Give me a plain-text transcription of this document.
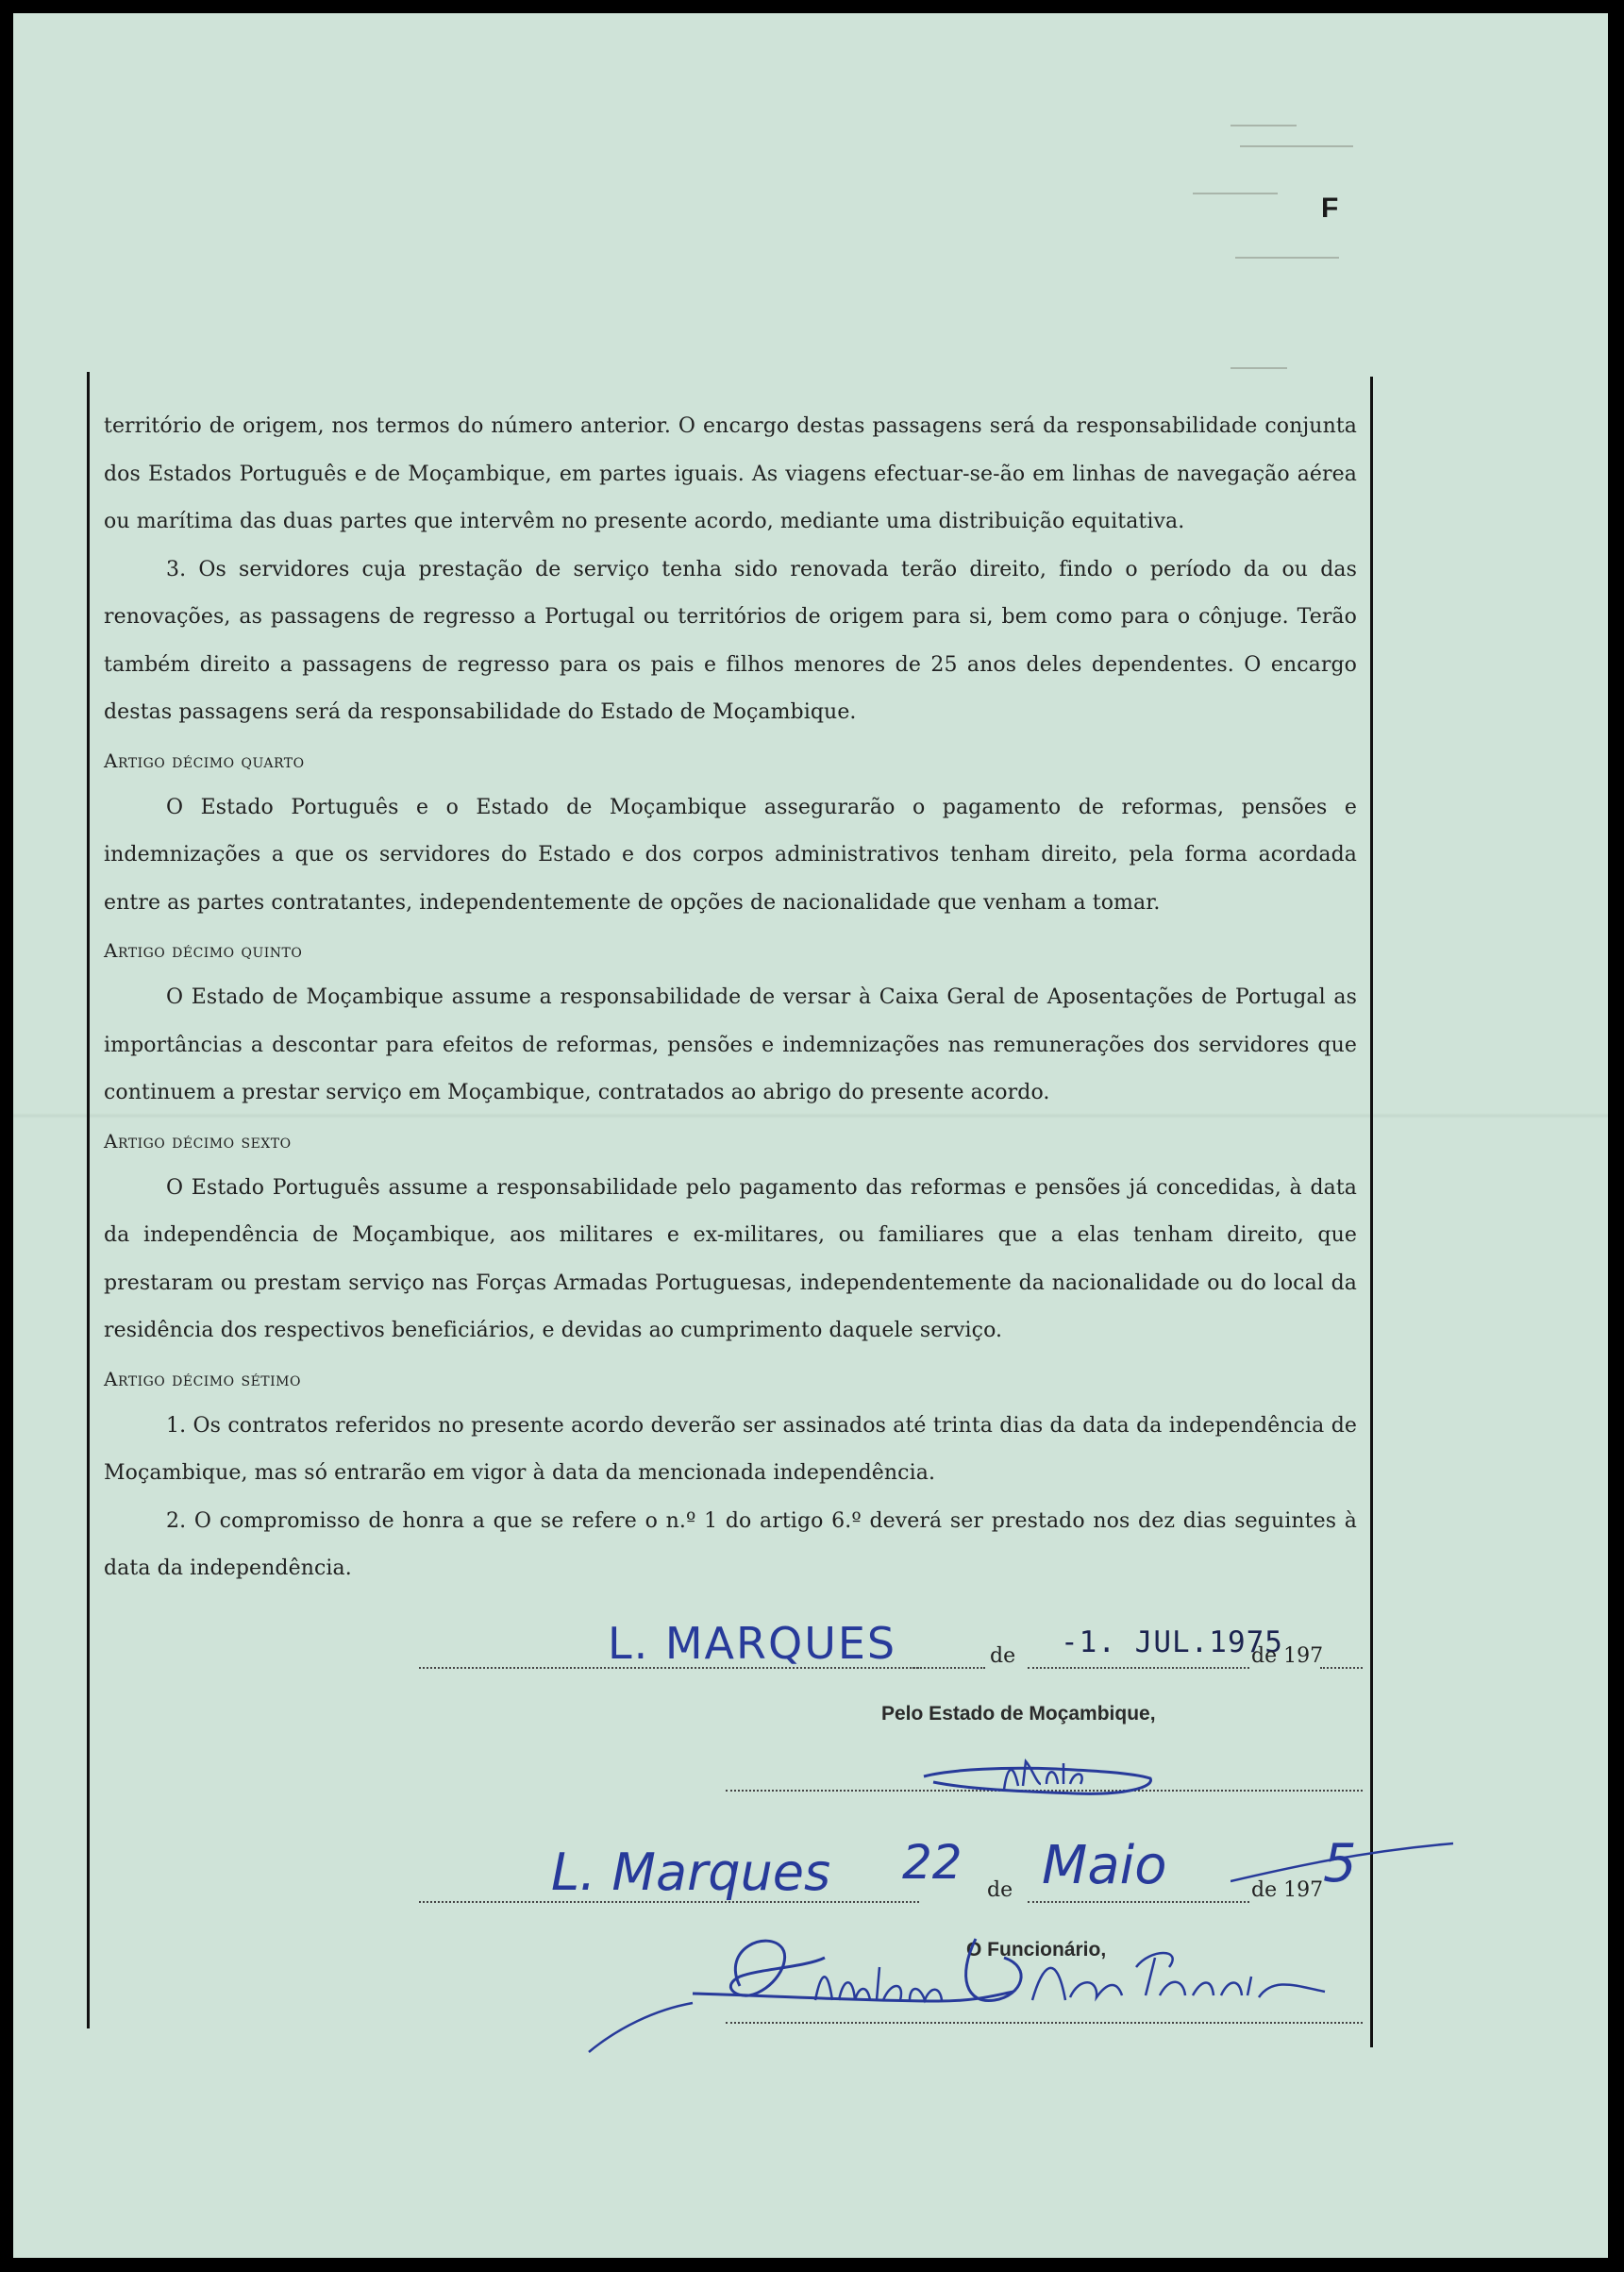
F

território de origem, nos termos do número anterior. O encargo destas passagens será da responsabilidade conjunta dos Estados Português e de Moçambique, em partes iguais. As viagens efectuar-se-ão em linhas de navegação aérea ou marítima das duas partes que intervêm no presente acordo, mediante uma distribuição equitativa.

3. Os servidores cuja prestação de serviço tenha sido renovada terão direito, findo o período da ou das renovações, as passagens de regresso a Portugal ou territórios de origem para si, bem como para o cônjuge. Terão também direito a passagens de regresso para os pais e filhos menores de 25 anos deles dependentes. O encargo destas passagens será da responsabilidade do Estado de Moçambique.

Artigo décimo quarto

O Estado Português e o Estado de Moçambique assegurarão o pagamento de reformas, pensões e indemnizações a que os servidores do Estado e dos corpos administrativos tenham direito, pela forma acordada entre as partes contratantes, independentemente de opções de nacionalidade que venham a tomar.

Artigo décimo quinto

O Estado de Moçambique assume a responsabilidade de versar à Caixa Geral de Aposentações de Portugal as importâncias a descontar para efeitos de reformas, pensões e indemnizações nas remunerações dos servidores que continuem a prestar serviço em Moçambique, contratados ao abrigo do presente acordo.

Artigo décimo sexto

O Estado Português assume a responsabilidade pelo pagamento das reformas e pensões já concedidas, à data da independência de Moçambique, aos militares e ex-militares, ou familiares que a elas tenham direito, que prestaram ou prestam serviço nas Forças Armadas Portuguesas, independentemente da nacionalidade ou do local da residência dos respectivos beneficiários, e devidas ao cumprimento daquele serviço.

Artigo décimo sétimo

1. Os contratos referidos no presente acordo deverão ser assinados até trinta dias da data da independência de Moçambique, mas só entrarão em vigor à data da mencionada independência.

2. O compromisso de honra a que se refere o n.º 1 do artigo 6.º deverá ser prestado nos dez dias seguintes à data da independência.

L. MARQUES	de -1. JUL.1975
de 197
Pelo Estado de Moçambique,
L. Marques 22
de Maio	de 197 5
O Funcionário,
